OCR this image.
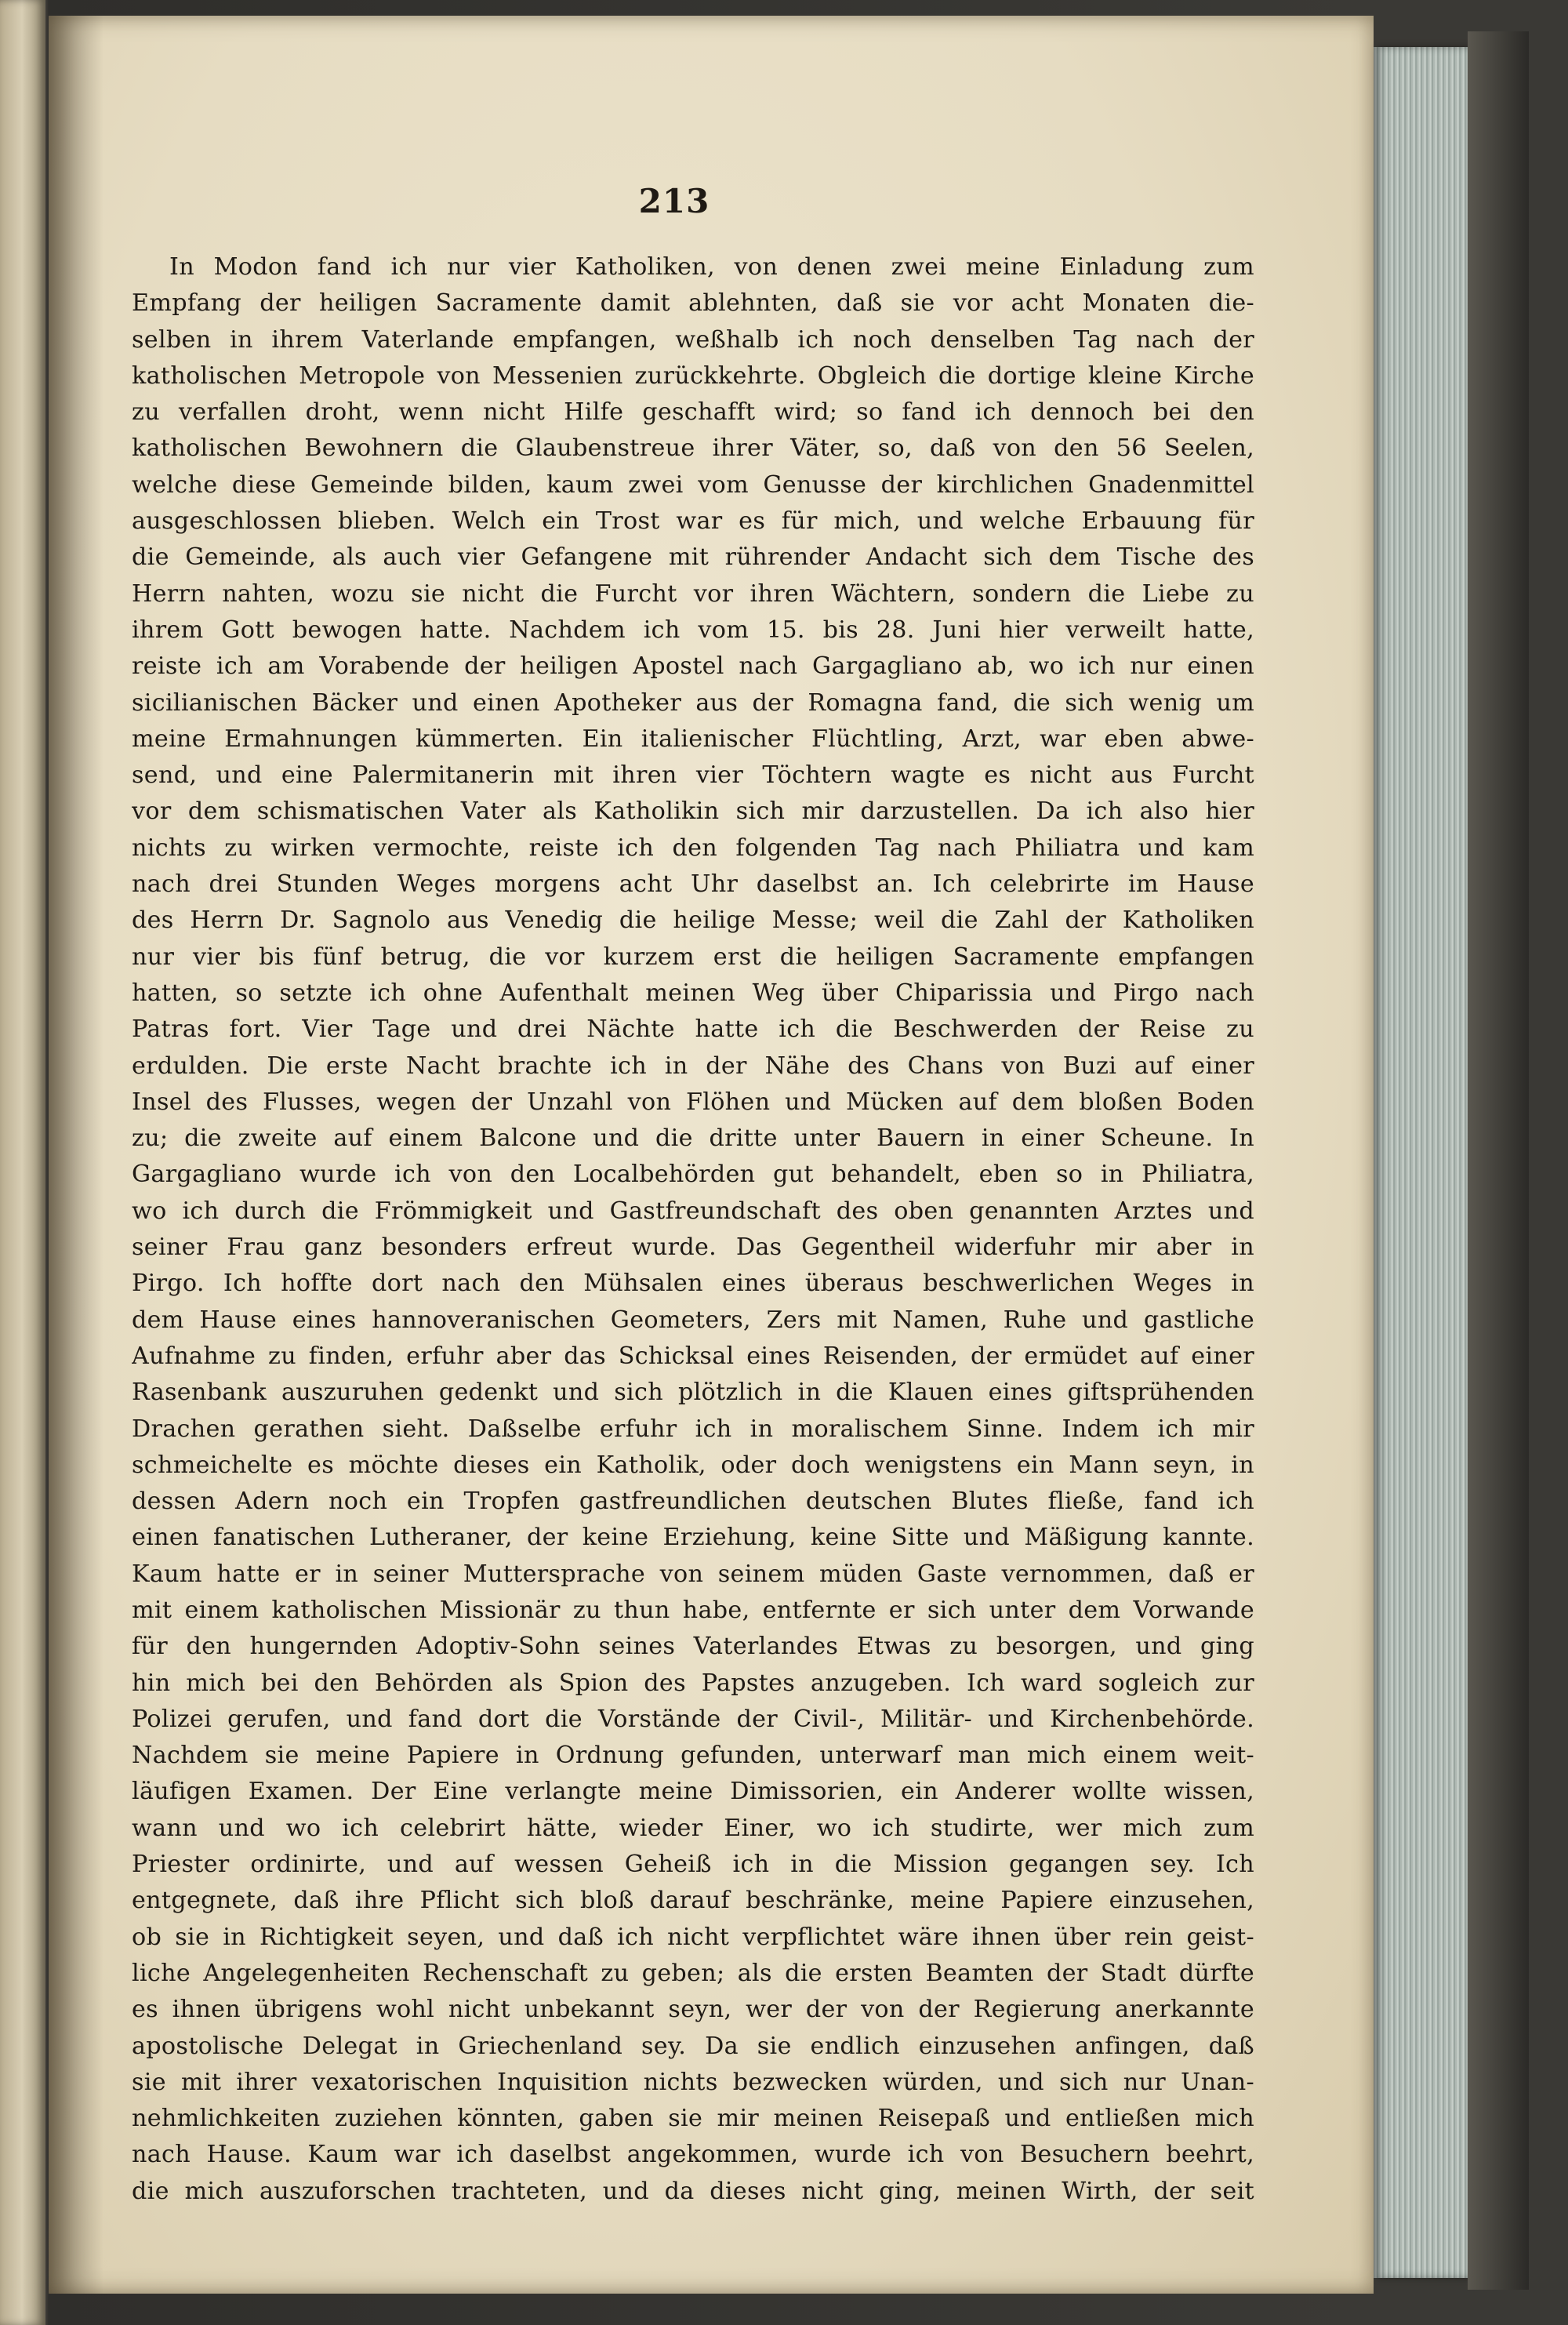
213
In Modon fand ich nur vier Katholiken, von denen zwei meine Einladung zum
Empfang der heiligen Sacramente damit ablehnten, daß sie vor acht Monaten die-
selben in ihrem Vaterlande empfangen, weßhalb ich noch denselben Tag nach der
katholischen Metropole von Messenien zurückkehrte. Obgleich die dortige kleine Kirche
zu verfallen droht, wenn nicht Hilfe geschafft wird; so fand ich dennoch bei den
katholischen Bewohnern die Glaubenstreue ihrer Väter, so, daß von den 56 Seelen,
welche diese Gemeinde bilden, kaum zwei vom Genusse der kirchlichen Gnadenmittel
ausgeschlossen blieben. Welch ein Trost war es für mich, und welche Erbauung für
die Gemeinde, als auch vier Gefangene mit rührender Andacht sich dem Tische des
Herrn nahten, wozu sie nicht die Furcht vor ihren Wächtern, sondern die Liebe zu
ihrem Gott bewogen hatte. Nachdem ich vom 15. bis 28. Juni hier verweilt hatte,
reiste ich am Vorabende der heiligen Apostel nach Gargagliano ab, wo ich nur einen
sicilianischen Bäcker und einen Apotheker aus der Romagna fand, die sich wenig um
meine Ermahnungen kümmerten. Ein italienischer Flüchtling, Arzt, war eben abwe-
send, und eine Palermitanerin mit ihren vier Töchtern wagte es nicht aus Furcht
vor dem schismatischen Vater als Katholikin sich mir darzustellen. Da ich also hier
nichts zu wirken vermochte, reiste ich den folgenden Tag nach Philiatra und kam
nach drei Stunden Weges morgens acht Uhr daselbst an. Ich celebrirte im Hause
des Herrn Dr. Sagnolo aus Venedig die heilige Messe; weil die Zahl der Katholiken
nur vier bis fünf betrug, die vor kurzem erst die heiligen Sacramente empfangen
hatten, so setzte ich ohne Aufenthalt meinen Weg über Chiparissia und Pirgo nach
Patras fort. Vier Tage und drei Nächte hatte ich die Beschwerden der Reise zu
erdulden. Die erste Nacht brachte ich in der Nähe des Chans von Buzi auf einer
Insel des Flusses, wegen der Unzahl von Flöhen und Mücken auf dem bloßen Boden
zu; die zweite auf einem Balcone und die dritte unter Bauern in einer Scheune. In
Gargagliano wurde ich von den Localbehörden gut behandelt, eben so in Philiatra,
wo ich durch die Frömmigkeit und Gastfreundschaft des oben genannten Arztes und
seiner Frau ganz besonders erfreut wurde. Das Gegentheil widerfuhr mir aber in
Pirgo. Ich hoffte dort nach den Mühsalen eines überaus beschwerlichen Weges in
dem Hause eines hannoveranischen Geometers, Zers mit Namen, Ruhe und gastliche
Aufnahme zu finden, erfuhr aber das Schicksal eines Reisenden, der ermüdet auf einer
Rasenbank auszuruhen gedenkt und sich plötzlich in die Klauen eines giftsprühenden
Drachen gerathen sieht. Daßselbe erfuhr ich in moralischem Sinne. Indem ich mir
schmeichelte es möchte dieses ein Katholik, oder doch wenigstens ein Mann seyn, in
dessen Adern noch ein Tropfen gastfreundlichen deutschen Blutes fließe, fand ich
einen fanatischen Lutheraner, der keine Erziehung, keine Sitte und Mäßigung kannte.
Kaum hatte er in seiner Muttersprache von seinem müden Gaste vernommen, daß er
mit einem katholischen Missionär zu thun habe, entfernte er sich unter dem Vorwande
für den hungernden Adoptiv-Sohn seines Vaterlandes Etwas zu besorgen, und ging
hin mich bei den Behörden als Spion des Papstes anzugeben. Ich ward sogleich zur
Polizei gerufen, und fand dort die Vorstände der Civil-, Militär- und Kirchenbehörde.
Nachdem sie meine Papiere in Ordnung gefunden, unterwarf man mich einem weit-
läufigen Examen. Der Eine verlangte meine Dimissorien, ein Anderer wollte wissen,
wann und wo ich celebrirt hätte, wieder Einer, wo ich studirte, wer mich zum
Priester ordinirte, und auf wessen Geheiß ich in die Mission gegangen sey. Ich
entgegnete, daß ihre Pflicht sich bloß darauf beschränke, meine Papiere einzusehen,
ob sie in Richtigkeit seyen, und daß ich nicht verpflichtet wäre ihnen über rein geist-
liche Angelegenheiten Rechenschaft zu geben; als die ersten Beamten der Stadt dürfte
es ihnen übrigens wohl nicht unbekannt seyn, wer der von der Regierung anerkannte
apostolische Delegat in Griechenland sey. Da sie endlich einzusehen anfingen, daß
sie mit ihrer vexatorischen Inquisition nichts bezwecken würden, und sich nur Unan-
nehmlichkeiten zuziehen könnten, gaben sie mir meinen Reisepaß und entließen mich
nach Hause. Kaum war ich daselbst angekommen, wurde ich von Besuchern beehrt,
die mich auszuforschen trachteten, und da dieses nicht ging, meinen Wirth, der seit
